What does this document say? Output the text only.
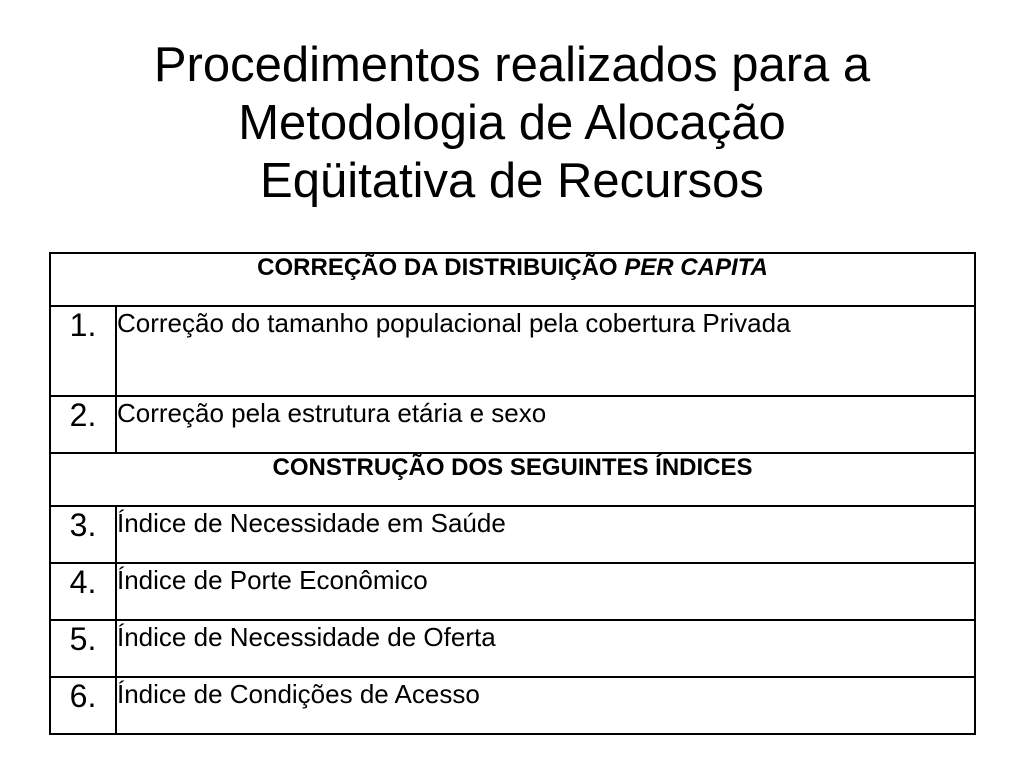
Procedimentos realizados para a
Metodologia de Alocação
Eqüitativa de Recursos
CORREÇÃO DA DISTRIBUIÇÃO PER CAPITA	
1.	Correção do tamanho populacional pela cobertura Privada
2.	Correção pela estrutura etária e sexo
CONSTRUÇÃO DOS SEGUINTES ÍNDICES	
3.	Índice de Necessidade em Saúde
4.	Índice de Porte Econômico
5.	Índice de Necessidade de Oferta
6.	Índice de Condições de Acesso
